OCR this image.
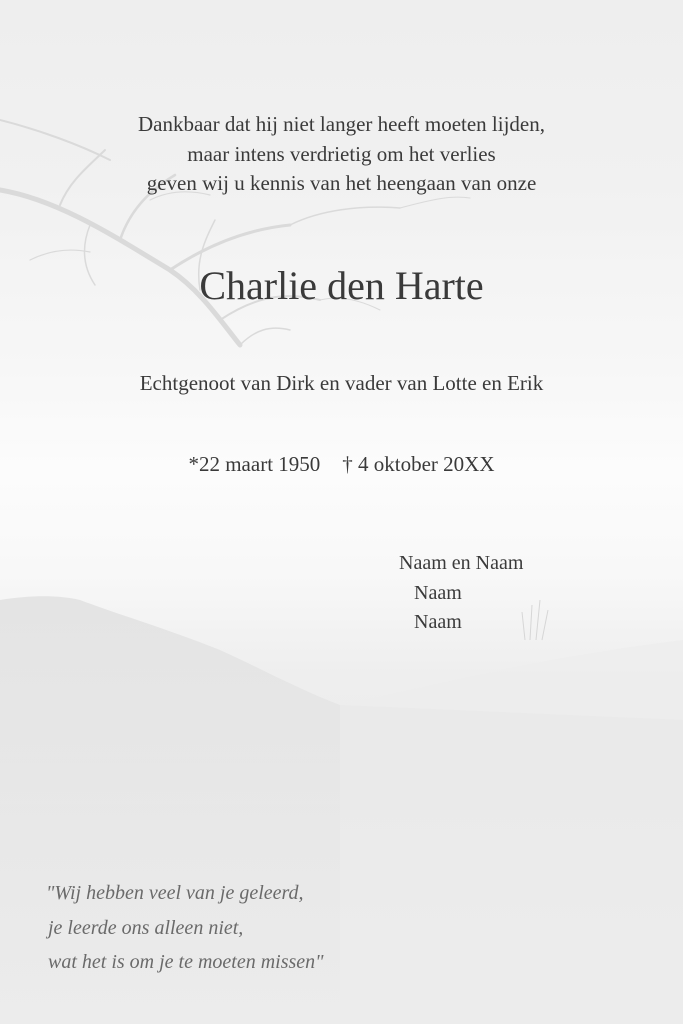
Dankbaar dat hij niet langer heeft moeten lijden,
maar intens verdrietig om het verlies
geven wij u kennis van het heengaan van onze
Charlie den Harte
Echtgenoot van Dirk en vader van Lotte en Erik
*22 maart 1950 † 4 oktober 20XX
Naam en Naam
Naam
Naam
"Wij hebben veel van je geleerd,
je leerde ons alleen niet,
wat het is om je te moeten missen"
